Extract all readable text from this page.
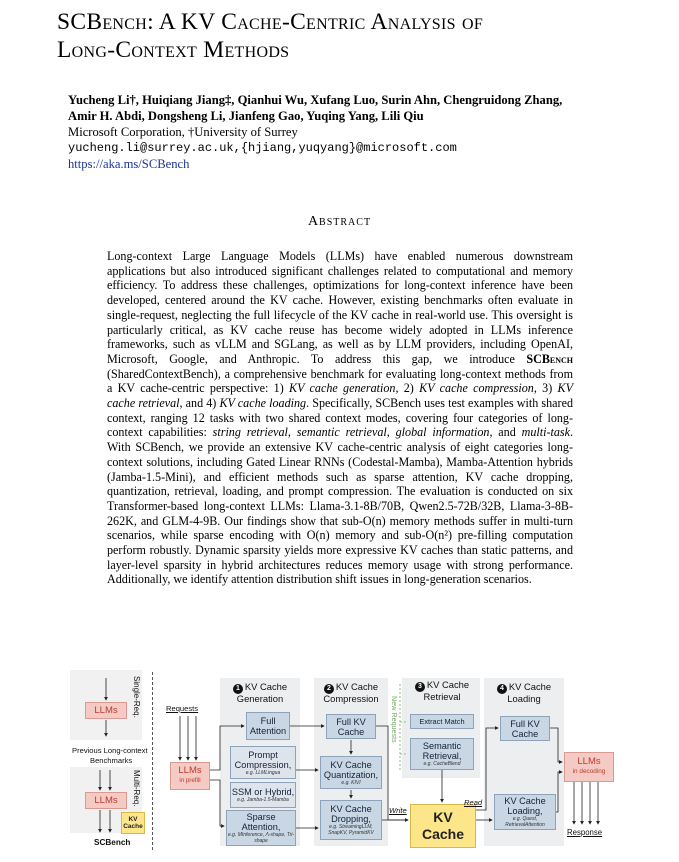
SCBench: A KV Cache-Centric Analysis of
Long-Context Methods
Yucheng Li†, Huiqiang Jiang‡, Qianhui Wu, Xufang Luo, Surin Ahn, Chengruidong Zhang,
Amir H. Abdi, Dongsheng Li, Jianfeng Gao, Yuqing Yang, Lili Qiu
Microsoft Corporation, †University of Surrey
yucheng.li@surrey.ac.uk,{hjiang,yuqyang}@microsoft.com
https://aka.ms/SCBench
Abstract
Long-context Large Language Models (LLMs) have enabled numerous downstream applications but also introduced significant challenges related to computational and memory efficiency. To address these challenges, optimizations for long-context inference have been developed, centered around the KV cache. However, existing benchmarks often evaluate in single-request, neglecting the full lifecycle of the KV cache in real-world use. This oversight is particularly critical, as KV cache reuse has become widely adopted in LLMs inference frameworks, such as vLLM and SGLang, as well as by LLM providers, including OpenAI, Microsoft, Google, and Anthropic. To address this gap, we introduce SCBench (SharedContextBench), a comprehensive benchmark for evaluating long-context methods from a KV cache-centric perspective: 1) KV cache generation, 2) KV cache compression, 3) KV cache retrieval, and 4) KV cache loading. Specifically, SCBench uses test examples with shared context, ranging 12 tasks with two shared context modes, covering four categories of long-context capabilities: string retrieval, semantic retrieval, global information, and multi-task. With SCBench, we provide an extensive KV cache-centric analysis of eight categories long-context solutions, including Gated Linear RNNs (Codestal-Mamba), Mamba-Attention hybrids (Jamba-1.5-Mini), and efficient methods such as sparse attention, KV cache dropping, quantization, retrieval, loading, and prompt compression. The evaluation is conducted on six Transformer-based long-context LLMs: Llama-3.1-8B/70B, Qwen2.5-72B/32B, Llama-3-8B-262K, and GLM-4-9B. Our findings show that sub-O(n) memory methods suffer in multi-turn scenarios, while sparse encoding with O(n) memory and sub-O(n²) pre-filling computation perform robustly. Dynamic sparsity yields more expressive KV caches than static patterns, and layer-level sparsity in hybrid architectures reduces memory usage with strong performance. Additionally, we identify attention distribution shift issues in long-generation scenarios.
LLMs Single-Req.
Previous Long-context
Benchmarks
LLMs Multi-Req.
KV
Cache
SCBench
Requests
LLMs
in prefill
1 KV Cache
Generation
Full Attention
Prompt Compression,
e.g. LLMLingua
SSM or Hybrid,
e.g. Jamba-1.5-Mamba
Sparse Attention,
e.g. MInference, Λ-shape, Tri-shape
2 KV Cache
Compression
Full KV Cache
KV Cache Quantization,
e.g. KIVI
KV Cache Dropping,
e.g. StreamingLLM, SnapKV, PyramidKV
3 KV Cache
Retrieval
New Requests	Extract Match
Semantic Retrieval,
e.g. CacheBlend
KV
Cache
Write
Read
4 KV Cache
Loading
Full KV Cache
KV Cache Loading,
e.g. Quest, RetrievalAttention
LLMs
in decoding
Response
